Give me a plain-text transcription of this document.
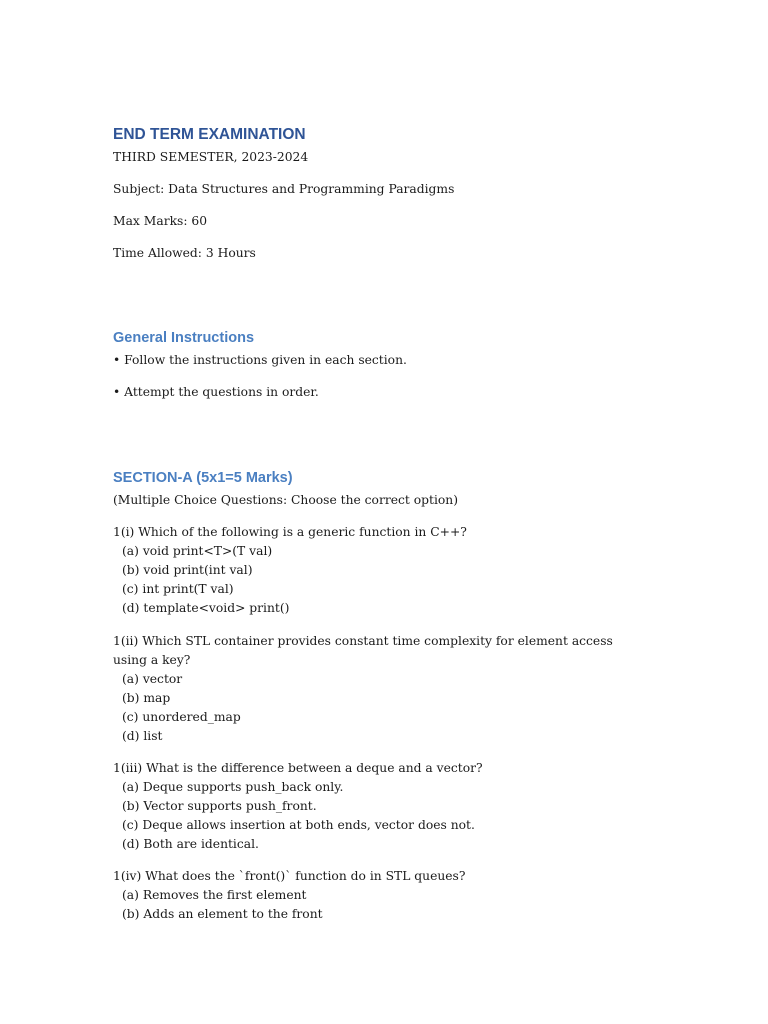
END TERM EXAMINATION
THIRD SEMESTER, 2023-2024
Subject: Data Structures and Programming Paradigms
Max Marks: 60
Time Allowed: 3 Hours
General Instructions
• Follow the instructions given in each section.
• Attempt the questions in order.
SECTION-A (5x1=5 Marks)
(Multiple Choice Questions: Choose the correct option)
1(i) Which of the following is a generic function in C++?
(a) void print<T>(T val)
(b) void print(int val)
(c) int print(T val)
(d) template<void> print()
1(ii) Which STL container provides constant time complexity for element access using a key?
(a) vector
(b) map
(c) unordered_map
(d) list
1(iii) What is the difference between a deque and a vector?
(a) Deque supports push_back only.
(b) Vector supports push_front.
(c) Deque allows insertion at both ends, vector does not.
(d) Both are identical.
1(iv) What does the `front()` function do in STL queues?
(a) Removes the first element
(b) Adds an element to the front
